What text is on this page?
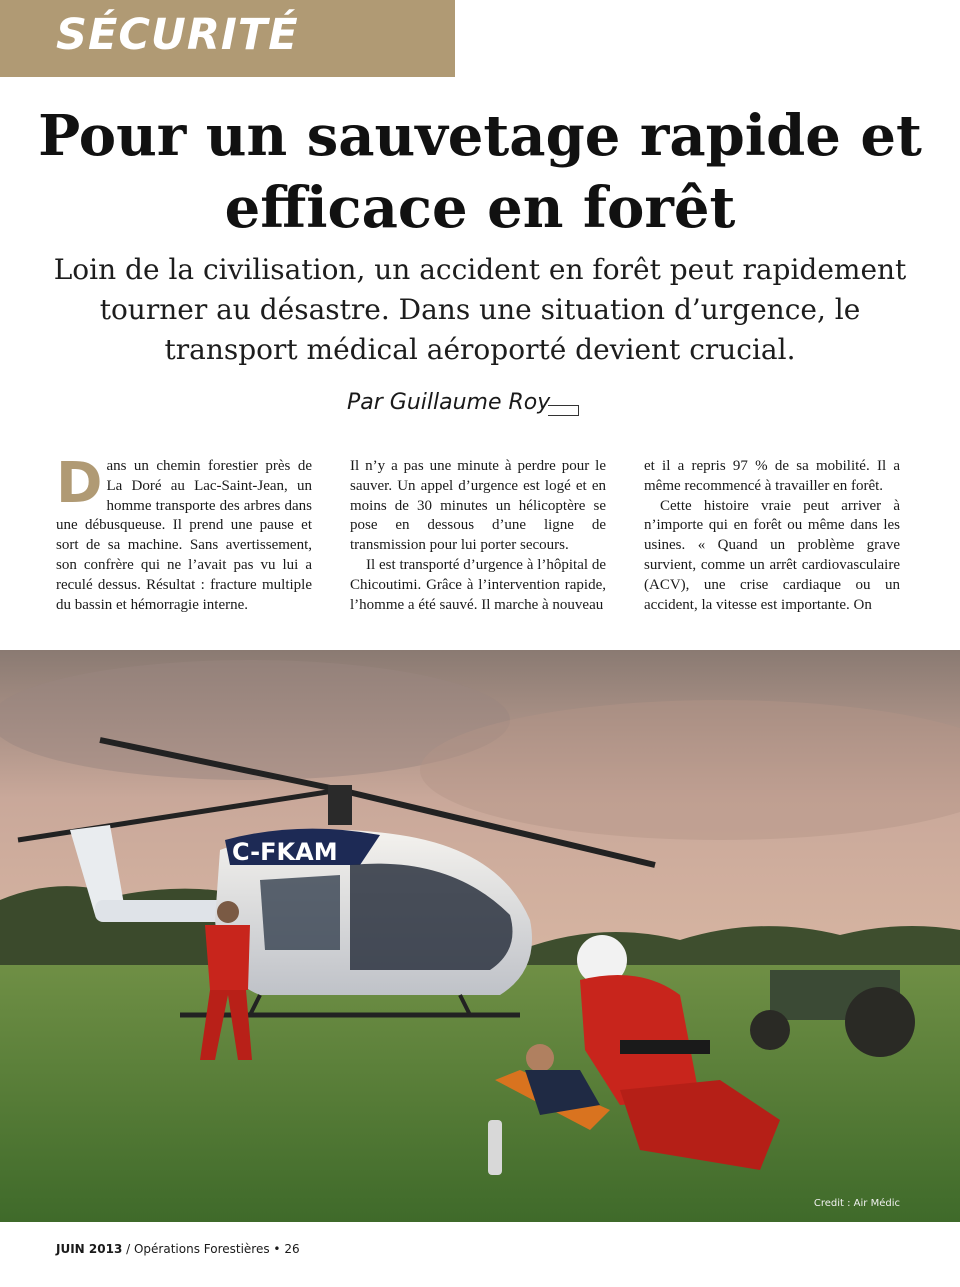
SÉCURITÉ
Pour un sauvetage rapide et efficace en forêt

Loin de la civilisation, un accident en forêt peut rapidement tourner au désastre. Dans une situation d’urgence, le transport médical aéroporté devient crucial.

Par Guillaume Roy
D ans un chemin forestier près de La Doré au Lac-Saint-Jean, un homme transporte des arbres dans une débusqueuse. Il prend une pause et sort de sa machine. Sans avertissement, son confrère qui ne l’avait pas vu lui a reculé dessus. Résultat : fracture multiple du bassin et hémorragie interne.

Il n’y a pas une minute à perdre pour le sauver. Un appel d’urgence est logé et en moins de 30 minutes un hélicoptère se pose en dessous d’une ligne de transmission pour lui porter secours.

Il est transporté d’urgence à l’hôpital de Chicoutimi. Grâce à l’intervention rapide, l’homme a été sauvé. Il marche à nouveau

et il a repris 97 % de sa mobilité. Il a même recommencé à travailler en forêt.

Cette histoire vraie peut arriver à n’importe qui en forêt ou même dans les usines. « Quand un problème grave survient, comme un arrêt cardiovasculaire (ACV), une crise cardiaque ou un accident, la vitesse est importante. On

C-FKAM
Credit : Air Médic
JUIN 2013 / Opérations Forestières • 26
